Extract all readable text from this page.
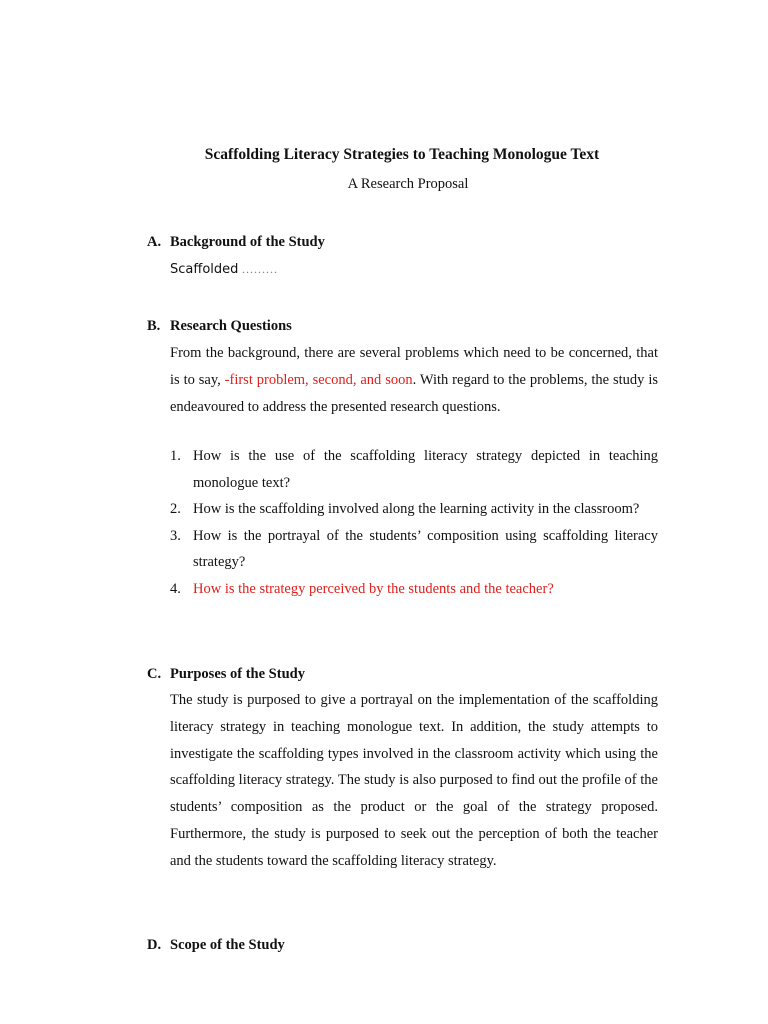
Scaffolding Literacy Strategies to Teaching Monologue Text
A Research Proposal
A. Background of the Study
Scaffolded .........
B. Research Questions
From the background, there are several problems which need to be concerned, that is to say, -first problem, second, and soon. With regard to the problems, the study is endeavoured to address the presented research questions.
1. How is the use of the scaffolding literacy strategy depicted in teaching monologue text?
2. How is the scaffolding involved along the learning activity in the classroom?
3. How is the portrayal of the students’ composition using scaffolding literacy strategy?
4. How is the strategy perceived by the students and the teacher?
C. Purposes of the Study
The study is purposed to give a portrayal on the implementation of the scaffolding literacy strategy in teaching monologue text. In addition, the study attempts to investigate the scaffolding types involved in the classroom activity which using the scaffolding literacy strategy. The study is also purposed to find out the profile of the students’ composition as the product or the goal of the strategy proposed. Furthermore, the study is purposed to seek out the perception of both the teacher and the students toward the scaffolding literacy strategy.
D. Scope of the Study
